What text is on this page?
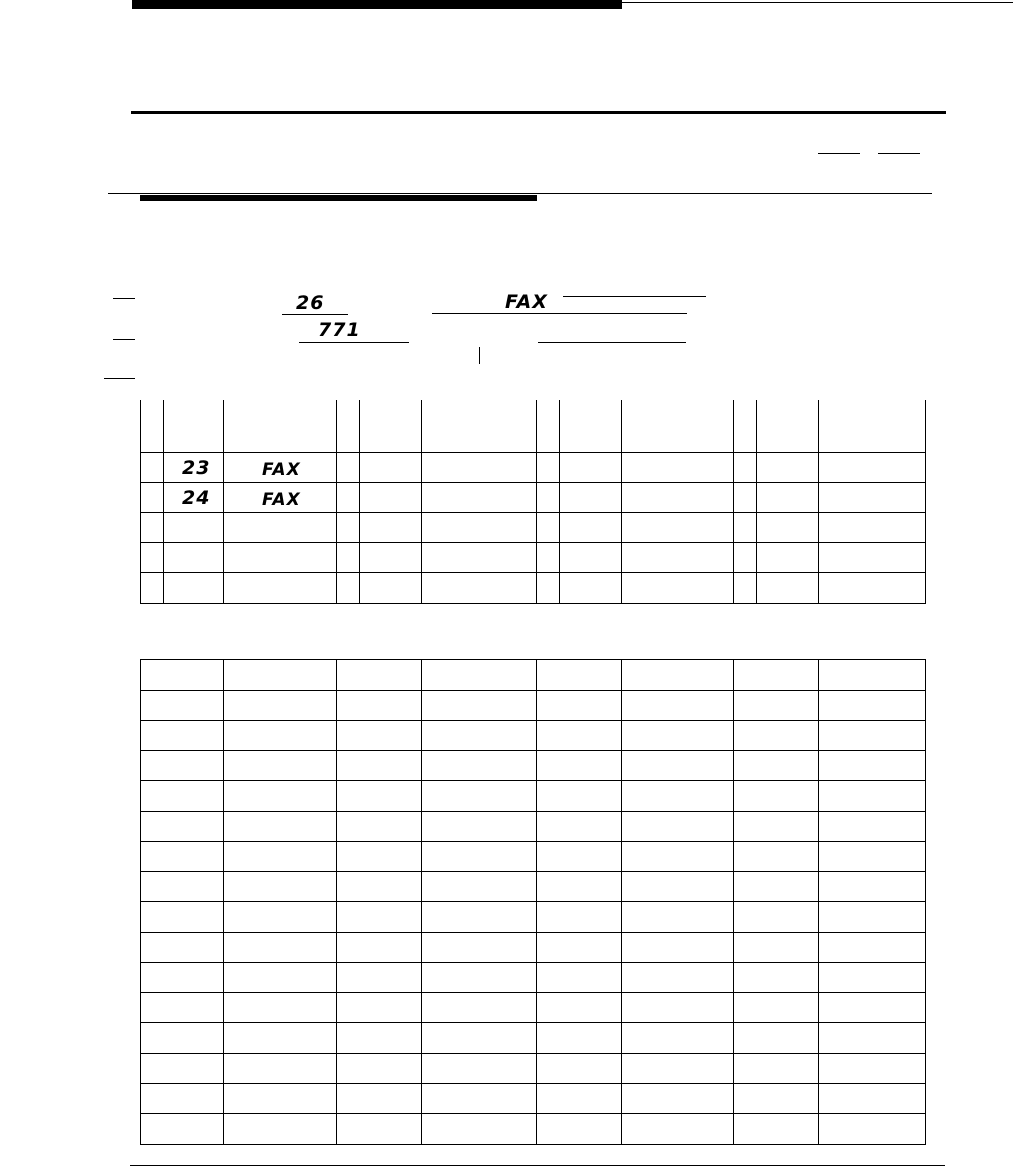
26	FAX
771
23	FAX
24	FAX
